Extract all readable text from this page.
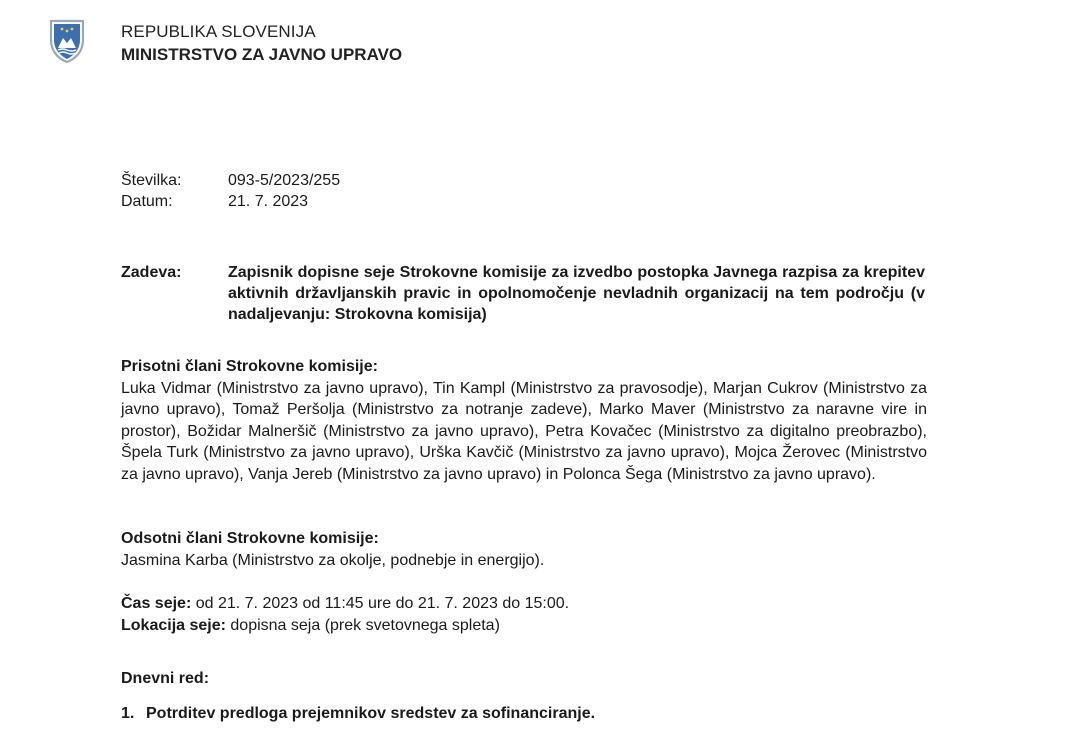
REPUBLIKA SLOVENIJA
MINISTRSTVO ZA JAVNO UPRAVO
Številka:	093-5/2023/255
Datum:	21. 7. 2023
Zadeva:	Zapisnik dopisne seje Strokovne komisije za izvedbo postopka Javnega razpisa za krepitev aktivnih državljanskih pravic in opolnomočenje nevladnih organizacij na tem področju (v nadaljevanju: Strokovna komisija)
Prisotni člani Strokovne komisije:
Luka Vidmar (Ministrstvo za javno upravo), Tin Kampl (Ministrstvo za pravosodje), Marjan Cukrov (Ministrstvo za javno upravo), Tomaž Peršolja (Ministrstvo za notranje zadeve), Marko Maver (Ministrstvo za naravne vire in prostor), Božidar Malneršič (Ministrstvo za javno upravo), Petra Kovačec (Ministrstvo za digitalno preobrazbo), Špela Turk (Ministrstvo za javno upravo), Urška Kavčič (Ministrstvo za javno upravo), Mojca Žerovec (Ministrstvo za javno upravo), Vanja Jereb (Ministrstvo za javno upravo) in Polonca Šega (Ministrstvo za javno upravo).
Odsotni člani Strokovne komisije:
Jasmina Karba (Ministrstvo za okolje, podnebje in energijo).
Čas seje: od 21. 7. 2023 od 11:45 ure do 21. 7. 2023 do 15:00.
Lokacija seje: dopisna seja (prek svetovnega spleta)
Dnevni red:
1. Potrditev predloga prejemnikov sredstev za sofinanciranje.
